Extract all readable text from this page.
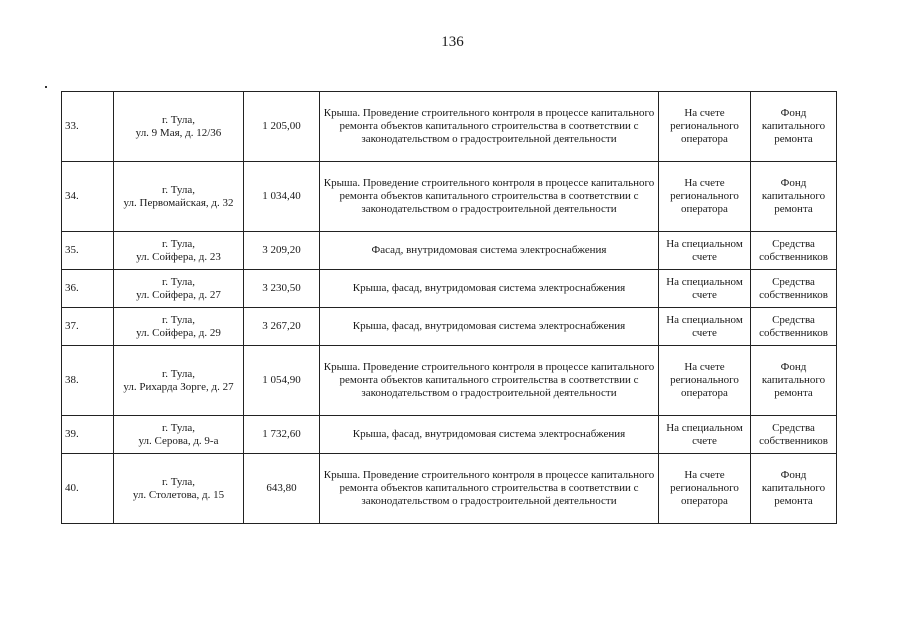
136
33.	г. Тула,
ул. 9 Мая, д. 12/36	1 205,00	Крыша. Проведение строительного контроля в процессе капитального ремонта объектов капитального строительства в соответствии с законодательством о градостроительной деятельности	На счете регионального оператора	Фонд капитального ремонта
34.	г. Тула,
ул. Первомайская, д. 32	1 034,40	Крыша. Проведение строительного контроля в процессе капитального ремонта объектов капитального строительства в соответствии с законодательством о градостроительной деятельности	На счете регионального оператора	Фонд капитального ремонта
35.	г. Тула,
ул. Сойфера, д. 23	3 209,20	Фасад, внутридомовая система электроснабжения	На специальном счете	Средства собственников
36.	г. Тула,
ул. Сойфера, д. 27	3 230,50	Крыша, фасад, внутридомовая система электроснабжения	На специальном счете	Средства собственников
37.	г. Тула,
ул. Сойфера, д. 29	3 267,20	Крыша, фасад, внутридомовая система электроснабжения	На специальном счете	Средства собственников
38.	г. Тула,
ул. Рихарда Зорге, д. 27	1 054,90	Крыша. Проведение строительного контроля в процессе капитального ремонта объектов капитального строительства в соответствии с законодательством о градостроительной деятельности	На счете регионального оператора	Фонд капитального ремонта
39.	г. Тула,
ул. Серова, д. 9-а	1 732,60	Крыша, фасад, внутридомовая система электроснабжения	На специальном счете	Средства собственников
40.	г. Тула,
ул. Столетова, д. 15	643,80	Крыша. Проведение строительного контроля в процессе капитального ремонта объектов капитального строительства в соответствии с законодательством о градостроительной деятельности	На счете регионального оператора	Фонд капитального ремонта
